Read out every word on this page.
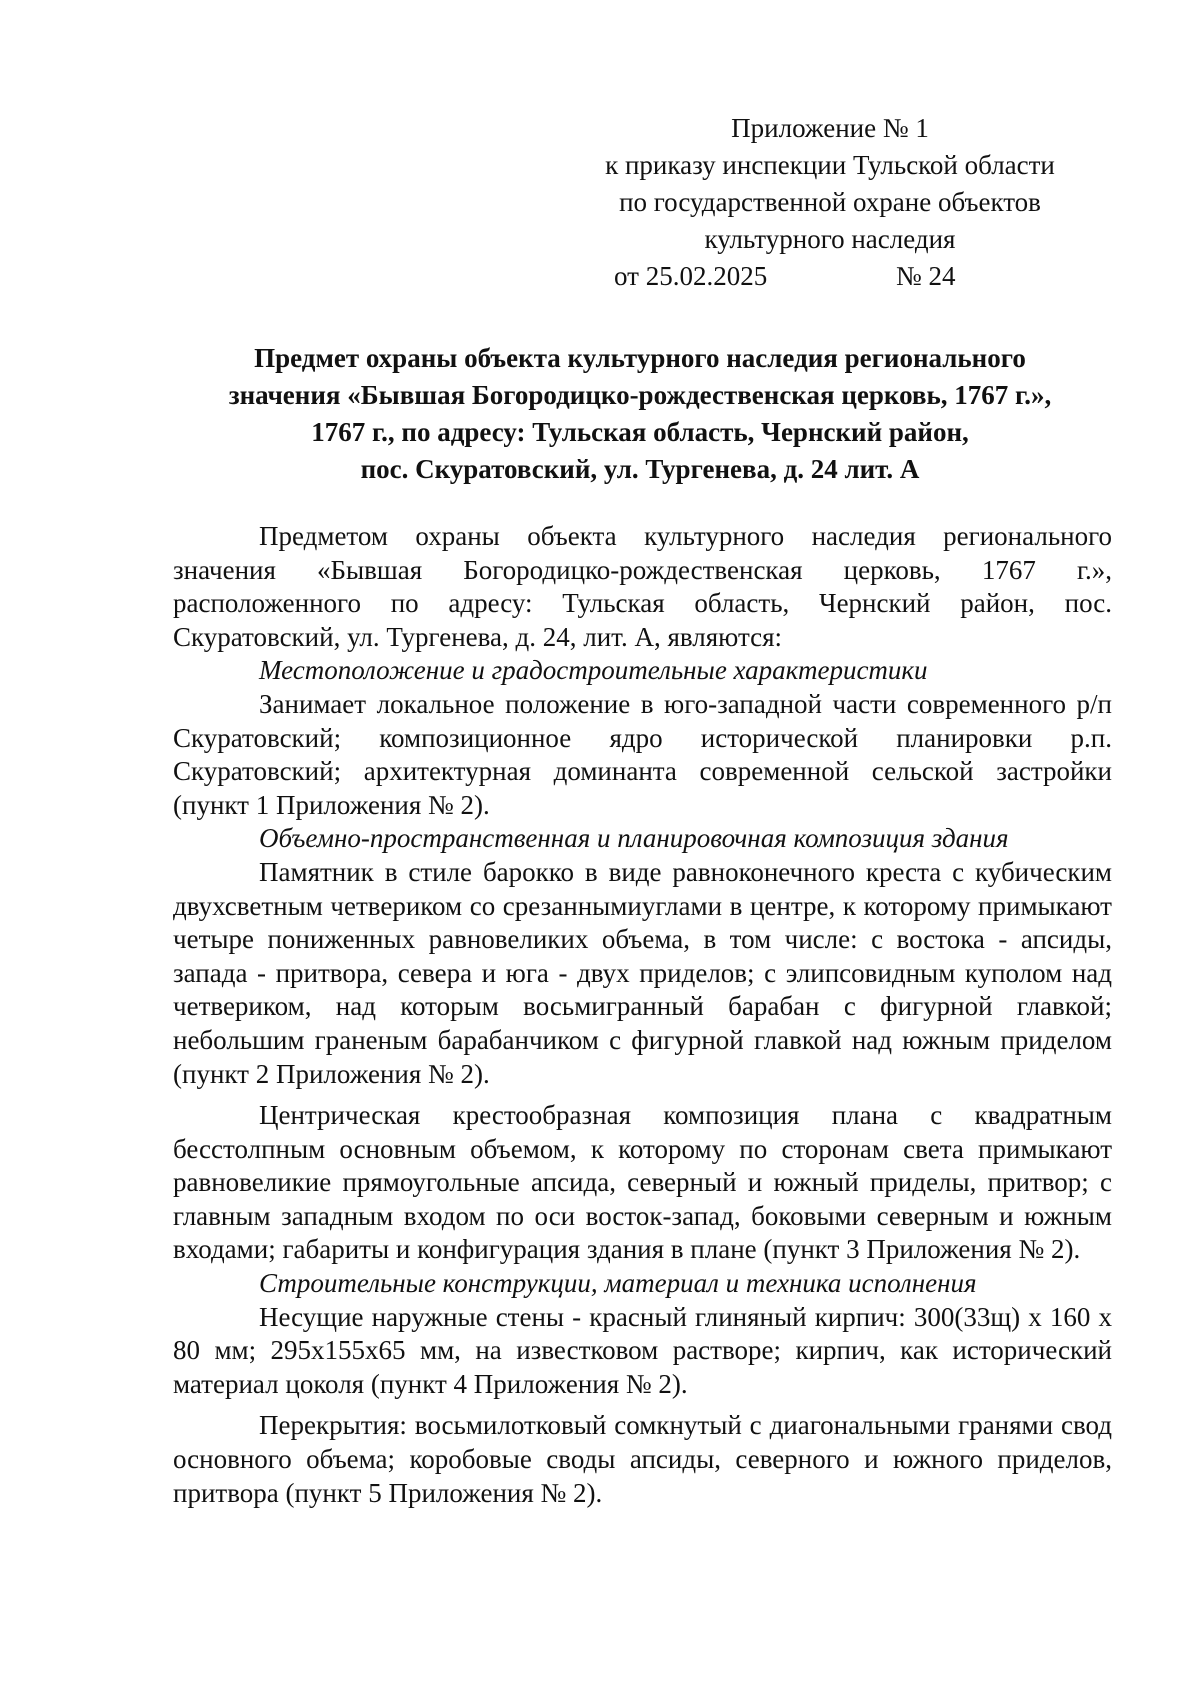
Приложение № 1
к приказу инспекции Тульской области
по государственной охране объектов
культурного наследия
от 25.02.2025	№ 24
Предмет охраны объекта культурного наследия регионального
значения «Бывшая Богородицко-рождественская церковь, 1767 г.»,
1767 г., по адресу: Тульская область, Чернский район,
пос. Скуратовский, ул. Тургенева, д. 24 лит. А

Предметом охраны объекта культурного наследия регионального значения «Бывшая Богородицко-рождественская церковь, 1767 г.», расположенного по адресу: Тульская область, Чернский район, пос. Скуратовский, ул. Тургенева, д. 24, лит. А, являются:

Местоположение и градостроительные характеристики

Занимает локальное положение в юго-западной части современного р/п Скуратовский; композиционное ядро исторической планировки р.п. Скуратовский; архитектурная доминанта современной сельской застройки (пункт 1 Приложения № 2).

Объемно-пространственная и планировочная композиция здания

Памятник в стиле барокко в виде равноконечного креста с кубическим двухсветным четвериком со срезаннымиуглами в центре, к которому примыкают четыре пониженных равновеликих объема, в том числе: с востока - апсиды, запада - притвора, севера и юга - двух приделов; с элипсовидным куполом над четвериком, над которым восьмигранный барабан с фигурной главкой; небольшим граненым барабанчиком с фигурной главкой над южным приделом (пункт 2 Приложения № 2).

Центрическая крестообразная композиция плана с квадратным бесстолпным основным объемом, к которому по сторонам света примыкают равновеликие прямоугольные апсида, северный и южный приделы, притвор; с главным западным входом по оси восток-запад, боковыми северным и южным входами; габариты и конфигурация здания в плане (пункт 3 Приложения № 2).

Строительные конструкции, материал и техника исполнения

Несущие наружные стены - красный глиняный кирпич: 300(33щ) х 160 х 80 мм; 295х155х65 мм, на известковом растворе; кирпич, как исторический материал цоколя (пункт 4 Приложения № 2).

Перекрытия: восьмилотковый сомкнутый с диагональными гранями свод основного объема; коробовые своды апсиды, северного и южного приделов, притвора (пункт 5 Приложения № 2).
